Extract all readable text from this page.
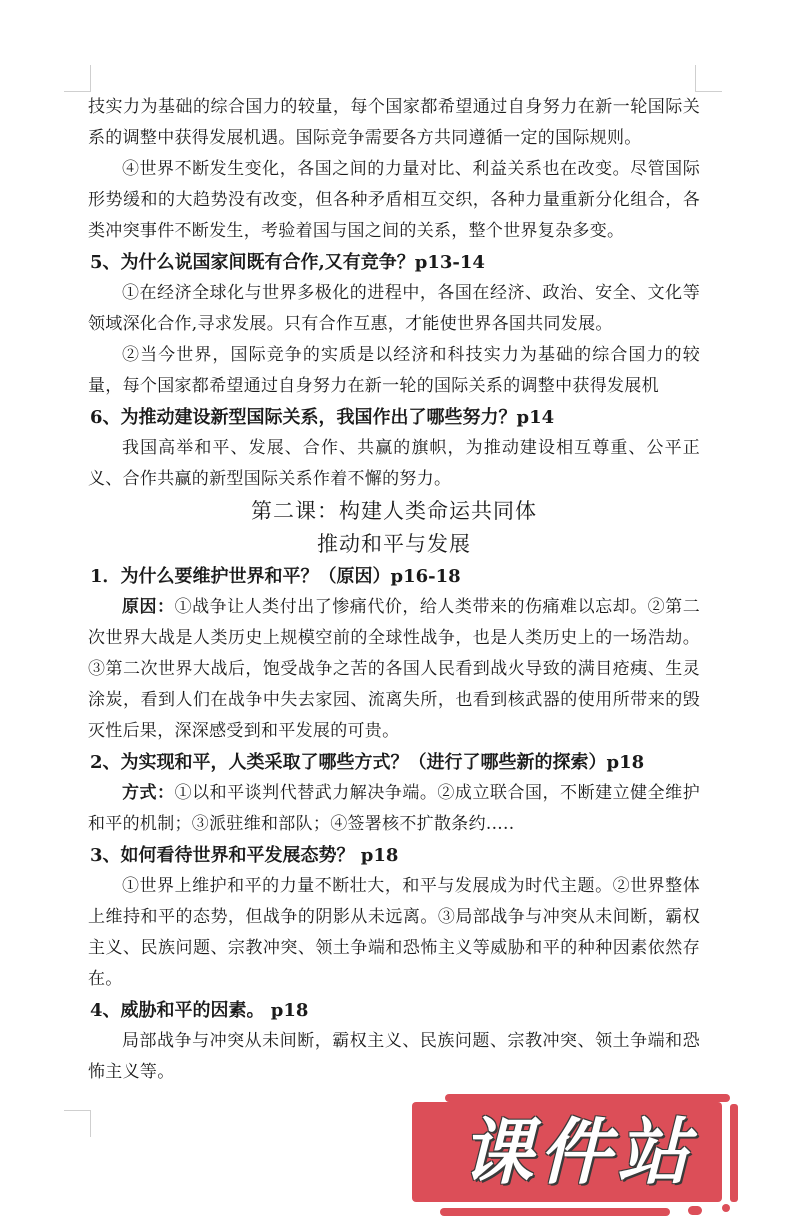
课件站

技实力为基础的综合国力的较量，每个国家都希望通过自身努力在新一轮国际关系的调整中获得发展机遇。国际竞争需要各方共同遵循一定的国际规则。

④世界不断发生变化，各国之间的力量对比、利益关系也在改变。尽管国际形势缓和的大趋势没有改变，但各种矛盾相互交织，各种力量重新分化组合，各类冲突事件不断发生，考验着国与国之间的关系，整个世界复杂多变。

5、为什么说国家间既有合作,又有竞争？p13-14

①在经济全球化与世界多极化的进程中，各国在经济、政治、安全、文化等领域深化合作,寻求发展。只有合作互惠，才能使世界各国共同发展。

②当今世界，国际竞争的实质是以经济和科技实力为基础的综合国力的较量，每个国家都希望通过自身努力在新一轮的国际关系的调整中获得发展机

6、为推动建设新型国际关系，我国作出了哪些努力？p14

我国高举和平、发展、合作、共赢的旗帜，为推动建设相互尊重、公平正义、合作共赢的新型国际关系作着不懈的努力。

第二课：构建人类命运共同体

推动和平与发展

1．为什么要维护世界和平？（原因）p16-18

原因：①战争让人类付出了惨痛代价，给人类带来的伤痛难以忘却。②第二次世界大战是人类历史上规模空前的全球性战争，也是人类历史上的一场浩劫。③第二次世界大战后，饱受战争之苦的各国人民看到战火导致的满目疮痍、生灵涂炭，看到人们在战争中失去家园、流离失所，也看到核武器的使用所带来的毁灭性后果，深深感受到和平发展的可贵。

2、为实现和平，人类采取了哪些方式？（进行了哪些新的探索）p18

方式：①以和平谈判代替武力解决争端。②成立联合国，不断建立健全维护和平的机制；③派驻维和部队；④签署核不扩散条约.....

3、如何看待世界和平发展态势？ p18

①世界上维护和平的力量不断壮大，和平与发展成为时代主题。②世界整体上维持和平的态势，但战争的阴影从未远离。③局部战争与冲突从未间断，霸权主义、民族问题、宗教冲突、领土争端和恐怖主义等威胁和平的种种因素依然存在。

4、威胁和平的因素。 p18

局部战争与冲突从未间断，霸权主义、民族问题、宗教冲突、领土争端和恐怖主义等。
